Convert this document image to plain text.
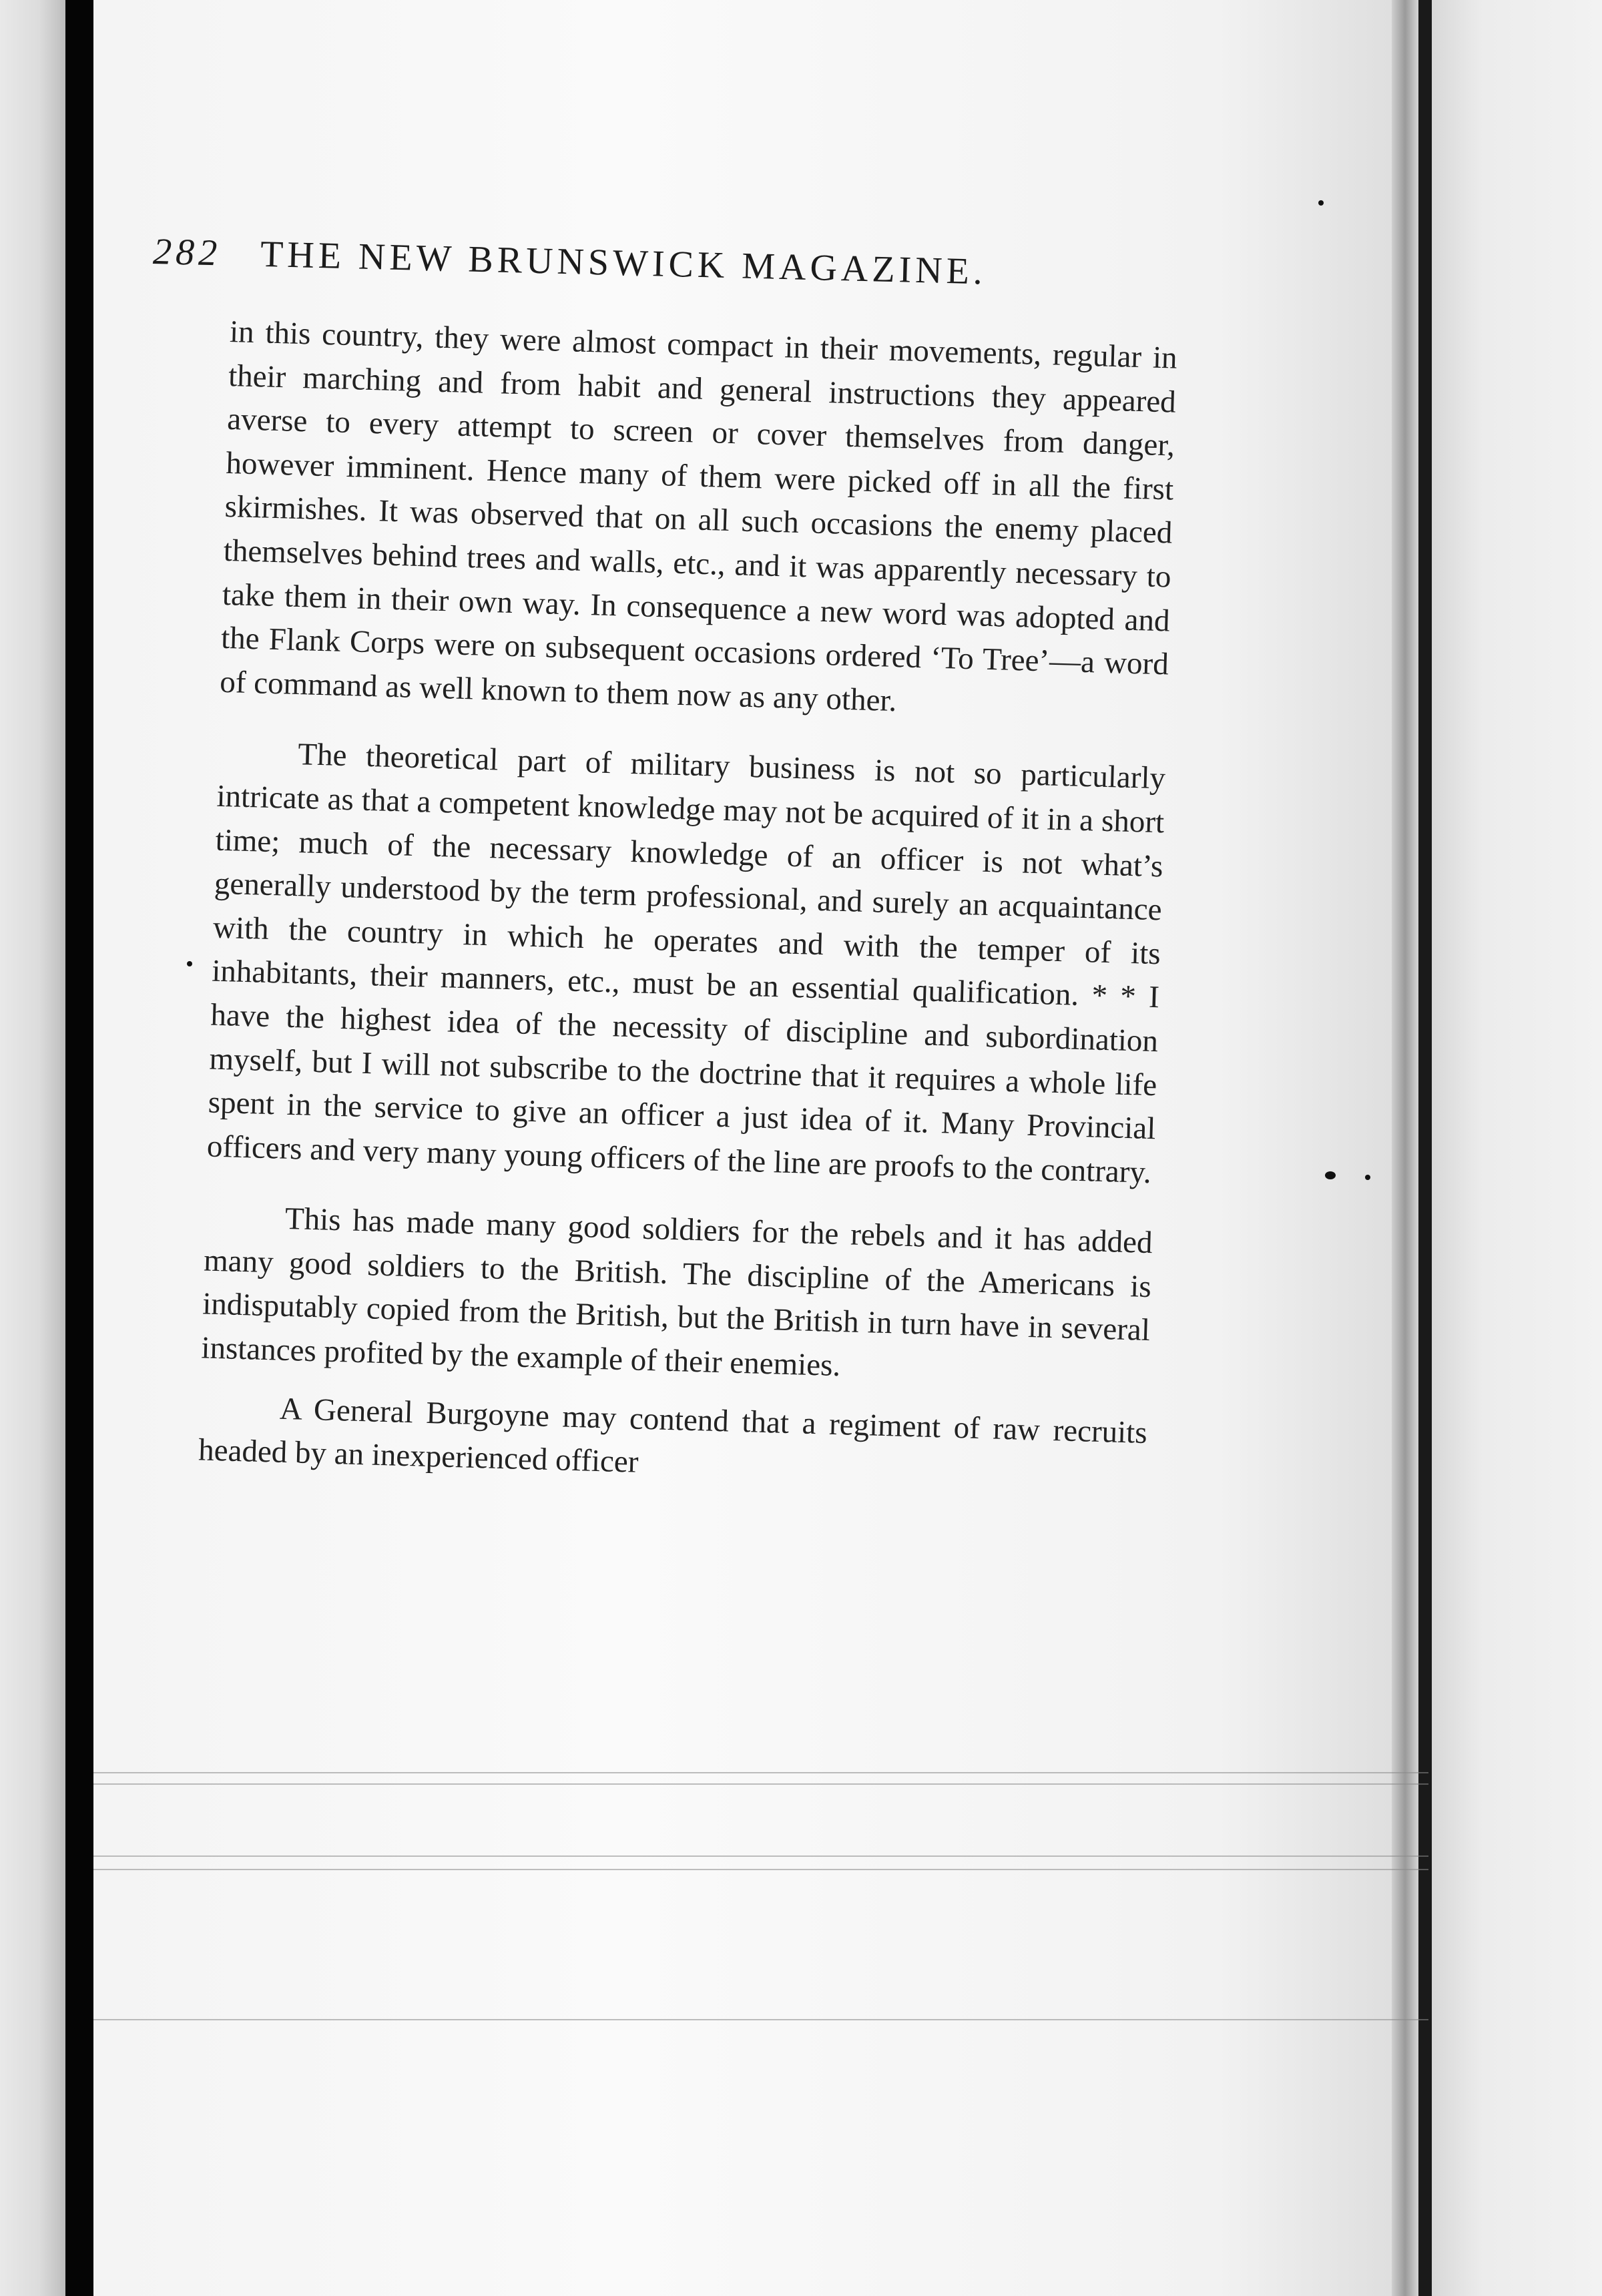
282 THE NEW BRUNSWICK MAGAZINE.

in this country, they were almost compact in their movements, regular in their marching and from habit and general instructions they appeared averse to every attempt to screen or cover themselves from danger, however imminent. Hence many of them were picked off in all the first skirmishes. It was observed that on all such occasions the enemy placed themselves behind trees and walls, etc., and it was apparently necessary to take them in their own way. In consequence a new word was adopted and the Flank Corps were on subsequent occasions ordered ‘To Tree’—a word of command as well known to them now as any other.

The theoretical part of military business is not so particularly intricate as that a competent knowledge may not be acquired of it in a short time; much of the necessary knowledge of an officer is not what’s generally understood by the term professional, and surely an acquaintance with the country in which he operates and with the temper of its inhabitants, their manners, etc., must be an essential qualification. * * I have the highest idea of the necessity of discipline and subordination myself, but I will not subscribe to the doctrine that it requires a whole life spent in the service to give an officer a just idea of it. Many Provincial officers and very many young officers of the line are proofs to the contrary.

This has made many good soldiers for the rebels and it has added many good soldiers to the British. The discipline of the Americans is indisputably copied from the British, but the British in turn have in several instances profited by the example of their enemies.

A General Burgoyne may contend that a regiment of raw recruits headed by an inexperienced officer
